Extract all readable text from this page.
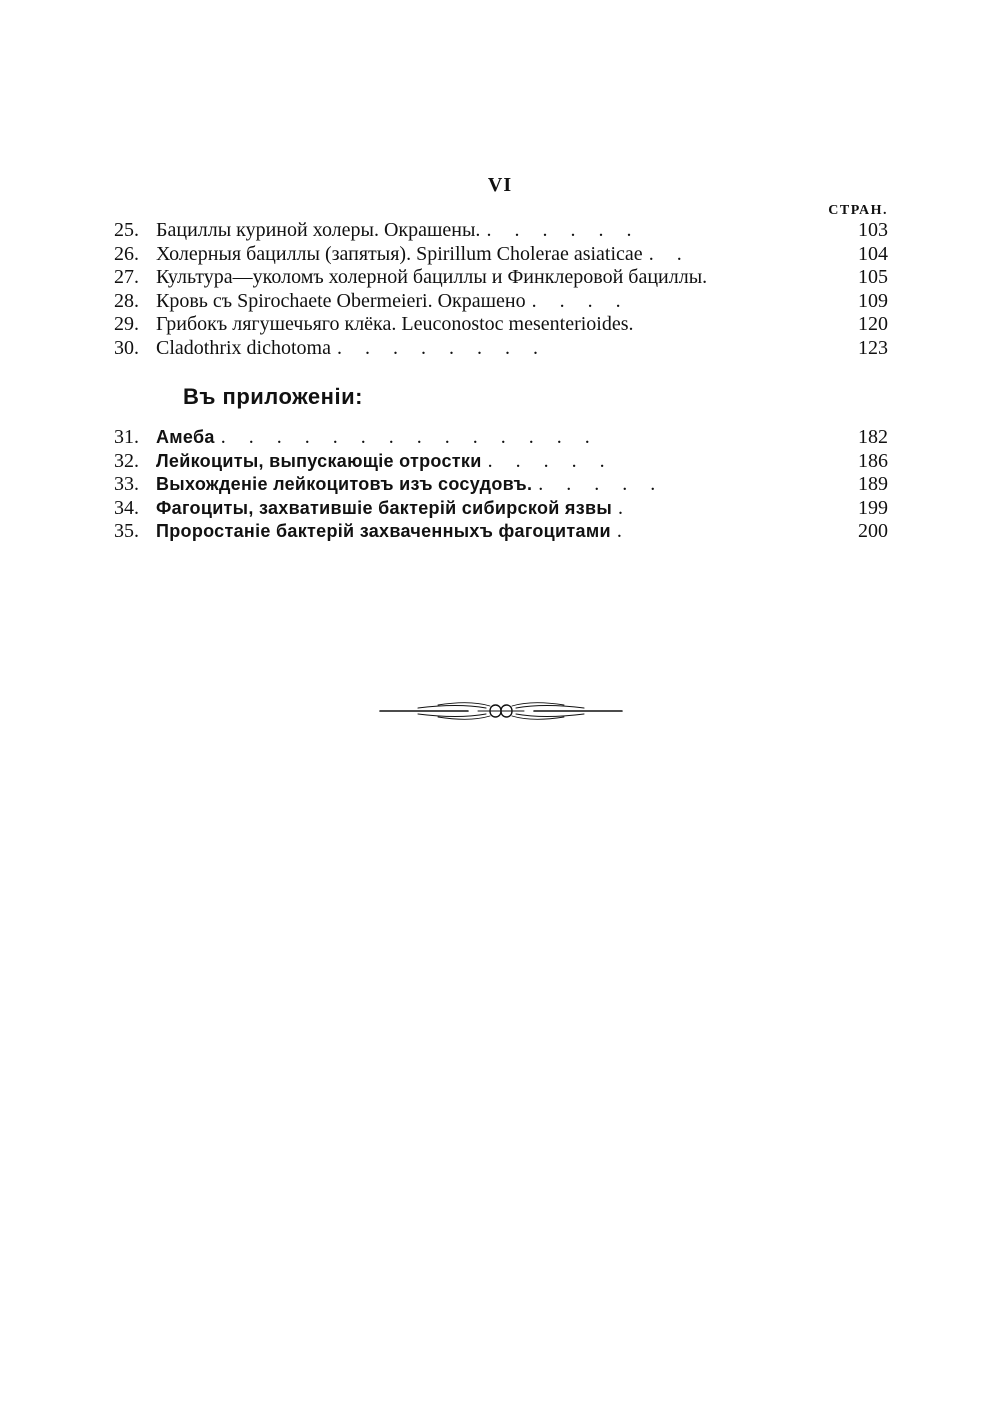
VI
СТРАН.
25. Бациллы куриной холеры. Окрашены. . . . . . .	103
26. Холерныя бациллы (запятыя). Spirillum Cholerae asiaticae . .	104
27. Культура—уколомъ холерной бациллы и Финклеровой бациллы.	105
28. Кровь съ Spirochaete Obermeieri. Окрашено . . . .	109
29. Грибокъ лягушечьяго клёка. Leuconostoc mesenterioides.	120
30. Cladothrix dichotoma . . . . . . . .	123
Въ приложеніи:
31. Амеба . . . . . . . . . . . . . .	182
32. Лейкоциты, выпускающіе отростки . . . . .	186
33. Выхожденіе лейкоцитовъ изъ сосудовъ. . . . . .	189
34. Фагоциты, захватившіе бактерій сибирской язвы .	199
35. Проростаніе бактерій захваченныхъ фагоцитами .	200
